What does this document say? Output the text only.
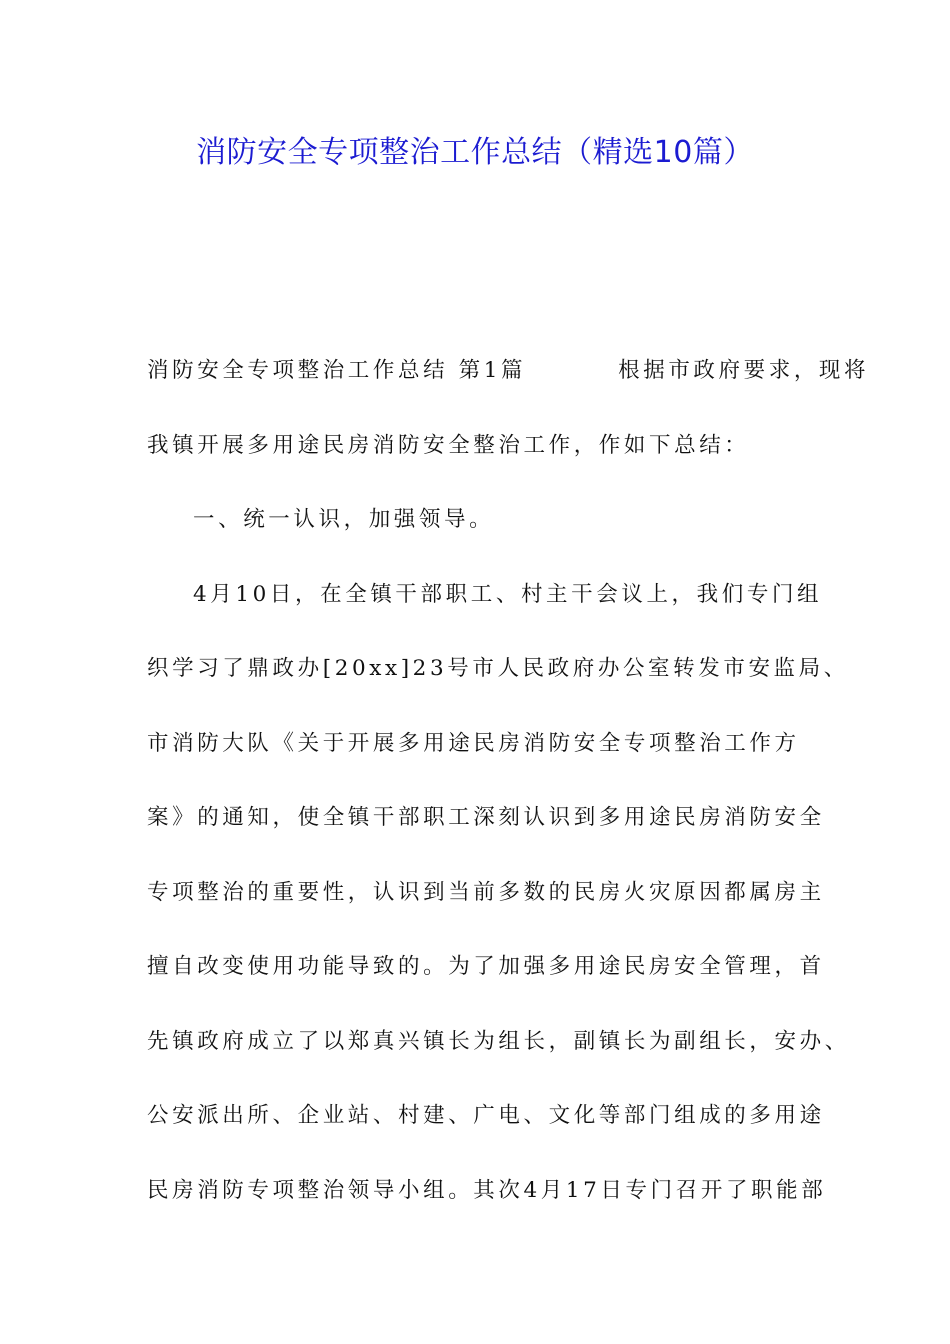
消防安全专项整治工作总结（精选10篇）
消防安全专项整治工作总结 第1篇	根据市政府要求，现将
我镇开展多用途民房消防安全整治工作，作如下总结：
一、统一认识，加强领导。
4月10日，在全镇干部职工、村主干会议上，我们专门组
织学习了鼎政办[20xx]23号市人民政府办公室转发市安监局、
市消防大队《关于开展多用途民房消防安全专项整治工作方
案》的通知，使全镇干部职工深刻认识到多用途民房消防安全
专项整治的重要性，认识到当前多数的民房火灾原因都属房主
擅自改变使用功能导致的。为了加强多用途民房安全管理，首
先镇政府成立了以郑真兴镇长为组长，副镇长为副组长，安办、
公安派出所、企业站、村建、广电、文化等部门组成的多用途
民房消防专项整治领导小组。其次4月17日专门召开了职能部
